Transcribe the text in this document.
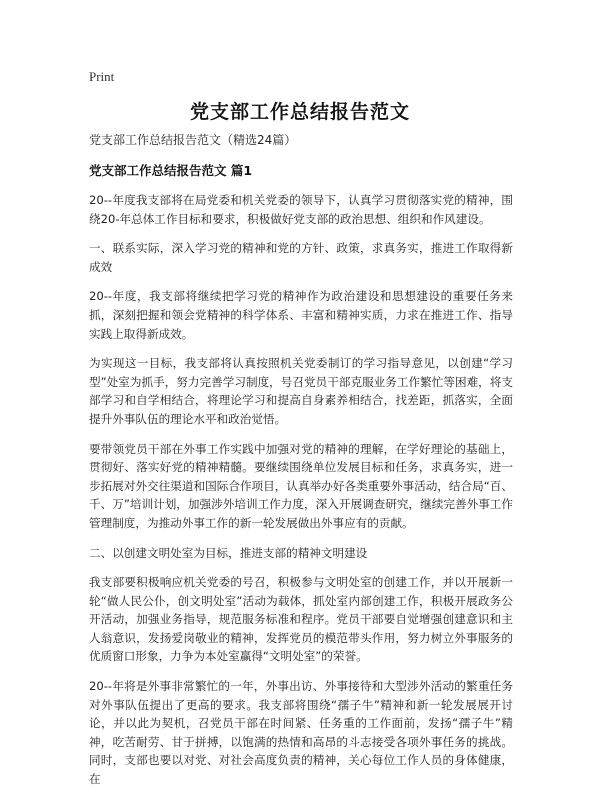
Print
党支部工作总结报告范文

党支部工作总结报告范文（精选24篇）

党支部工作总结报告范文 篇1

20--年度我支部将在局党委和机关党委的领导下，认真学习贯彻落实党的精神，围绕20-年总体工作目标和要求，积极做好党支部的政治思想、组织和作风建设。

一、联系实际，深入学习党的精神和党的方针、政策，求真务实，推进工作取得新成效

20--年度，我支部将继续把学习党的精神作为政治建设和思想建设的重要任务来抓，深刻把握和领会党精神的科学体系、丰富和精神实质，力求在推进工作、指导实践上取得新成效。

为实现这一目标，我支部将认真按照机关党委制订的学习指导意见，以创建“学习型”处室为抓手，努力完善学习制度，号召党员干部克服业务工作繁忙等困难，将支部学习和自学相结合，将理论学习和提高自身素养相结合，找差距，抓落实，全面提升外事队伍的理论水平和政治觉悟。

要带领党员干部在外事工作实践中加强对党的精神的理解，在学好理论的基础上，贯彻好、落实好党的精神精髓。要继续围绕单位发展目标和任务，求真务实，进一步拓展对外交往渠道和国际合作项目，认真举办好各类重要外事活动，结合局“百、千、万”培训计划，加强涉外培训工作力度，深入开展调查研究，继续完善外事工作管理制度，为推动外事工作的新一轮发展做出外事应有的贡献。

二、以创建文明处室为目标，推进支部的精神文明建设

我支部要积极响应机关党委的号召，积极参与文明处室的创建工作，并以开展新一轮“做人民公仆，创文明处室”活动为载体，抓处室内部创建工作，积极开展政务公开活动，加强业务指导，规范服务标准和程序。党员干部要自觉增强创建意识和主人翁意识，发扬爱岗敬业的精神，发挥党员的模范带头作用，努力树立外事服务的优质窗口形象，力争为本处室赢得“文明处室”的荣誉。

20--年将是外事非常繁忙的一年，外事出访、外事接待和大型涉外活动的繁重任务对外事队伍提出了更高的要求。我支部将围绕“孺子牛”精神和新一轮发展展开讨论，并以此为契机，召党员干部在时间紧、任务重的工作面前，发扬“孺子牛”精神，吃苦耐劳、甘于拼搏，以饱满的热情和高昂的斗志接受各项外事任务的挑战。同时，支部也要以对党、对社会高度负责的精神，关心每位工作人员的身体健康，在
